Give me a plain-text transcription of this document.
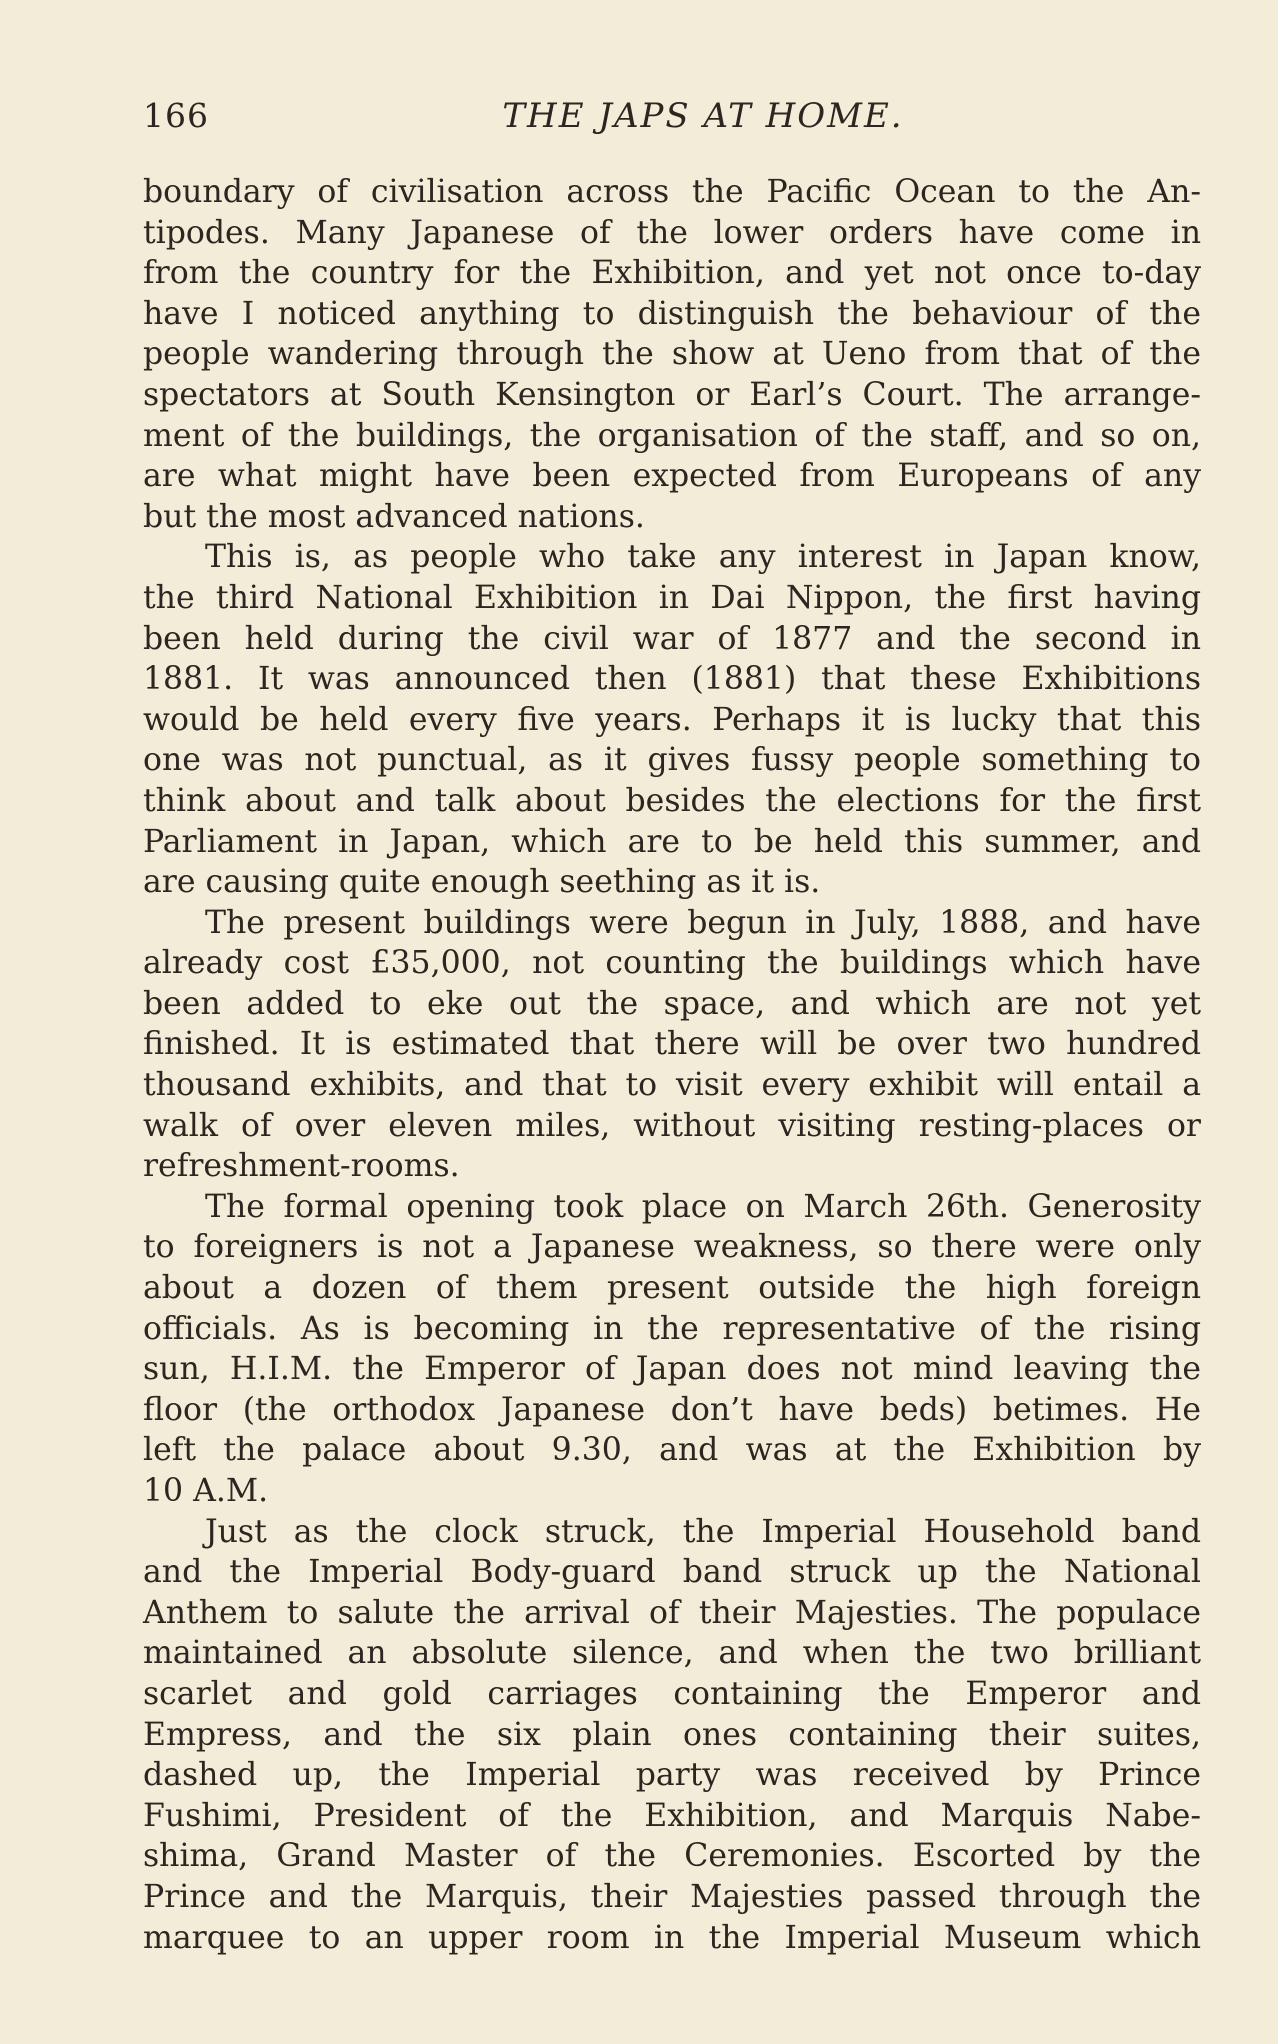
166	THE JAPS AT HOME.
boundary of civilisation across the Pacific Ocean to the An-
tipodes. Many Japanese of the lower orders have come in
from the country for the Exhibition, and yet not once to-day
have I noticed anything to distinguish the behaviour of the
people wandering through the show at Ueno from that of the
spectators at South Kensington or Earl’s Court. The arrange-
ment of the buildings, the organisation of the staff, and so on,
are what might have been expected from Europeans of any
but the most advanced nations.
This is, as people who take any interest in Japan know,
the third National Exhibition in Dai Nippon, the first having
been held during the civil war of 1877 and the second in
1881. It was announced then (1881) that these Exhibitions
would be held every five years. Perhaps it is lucky that this
one was not punctual, as it gives fussy people something to
think about and talk about besides the elections for the first
Parliament in Japan, which are to be held this summer, and
are causing quite enough seething as it is.
The present buildings were begun in July, 1888, and have
already cost £35,000, not counting the buildings which have
been added to eke out the space, and which are not yet
finished. It is estimated that there will be over two hundred
thousand exhibits, and that to visit every exhibit will entail a
walk of over eleven miles, without visiting resting-places or
refreshment-rooms.
The formal opening took place on March 26th. Generosity
to foreigners is not a Japanese weakness, so there were only
about a dozen of them present outside the high foreign
officials. As is becoming in the representative of the rising
sun, H.I.M. the Emperor of Japan does not mind leaving the
floor (the orthodox Japanese don’t have beds) betimes. He
left the palace about 9.30, and was at the Exhibition by
10 A.M.
Just as the clock struck, the Imperial Household band
and the Imperial Body-guard band struck up the National
Anthem to salute the arrival of their Majesties. The populace
maintained an absolute silence, and when the two brilliant
scarlet and gold carriages containing the Emperor and
Empress, and the six plain ones containing their suites,
dashed up, the Imperial party was received by Prince
Fushimi, President of the Exhibition, and Marquis Nabe-
shima, Grand Master of the Ceremonies. Escorted by the
Prince and the Marquis, their Majesties passed through the
marquee to an upper room in the Imperial Museum which
